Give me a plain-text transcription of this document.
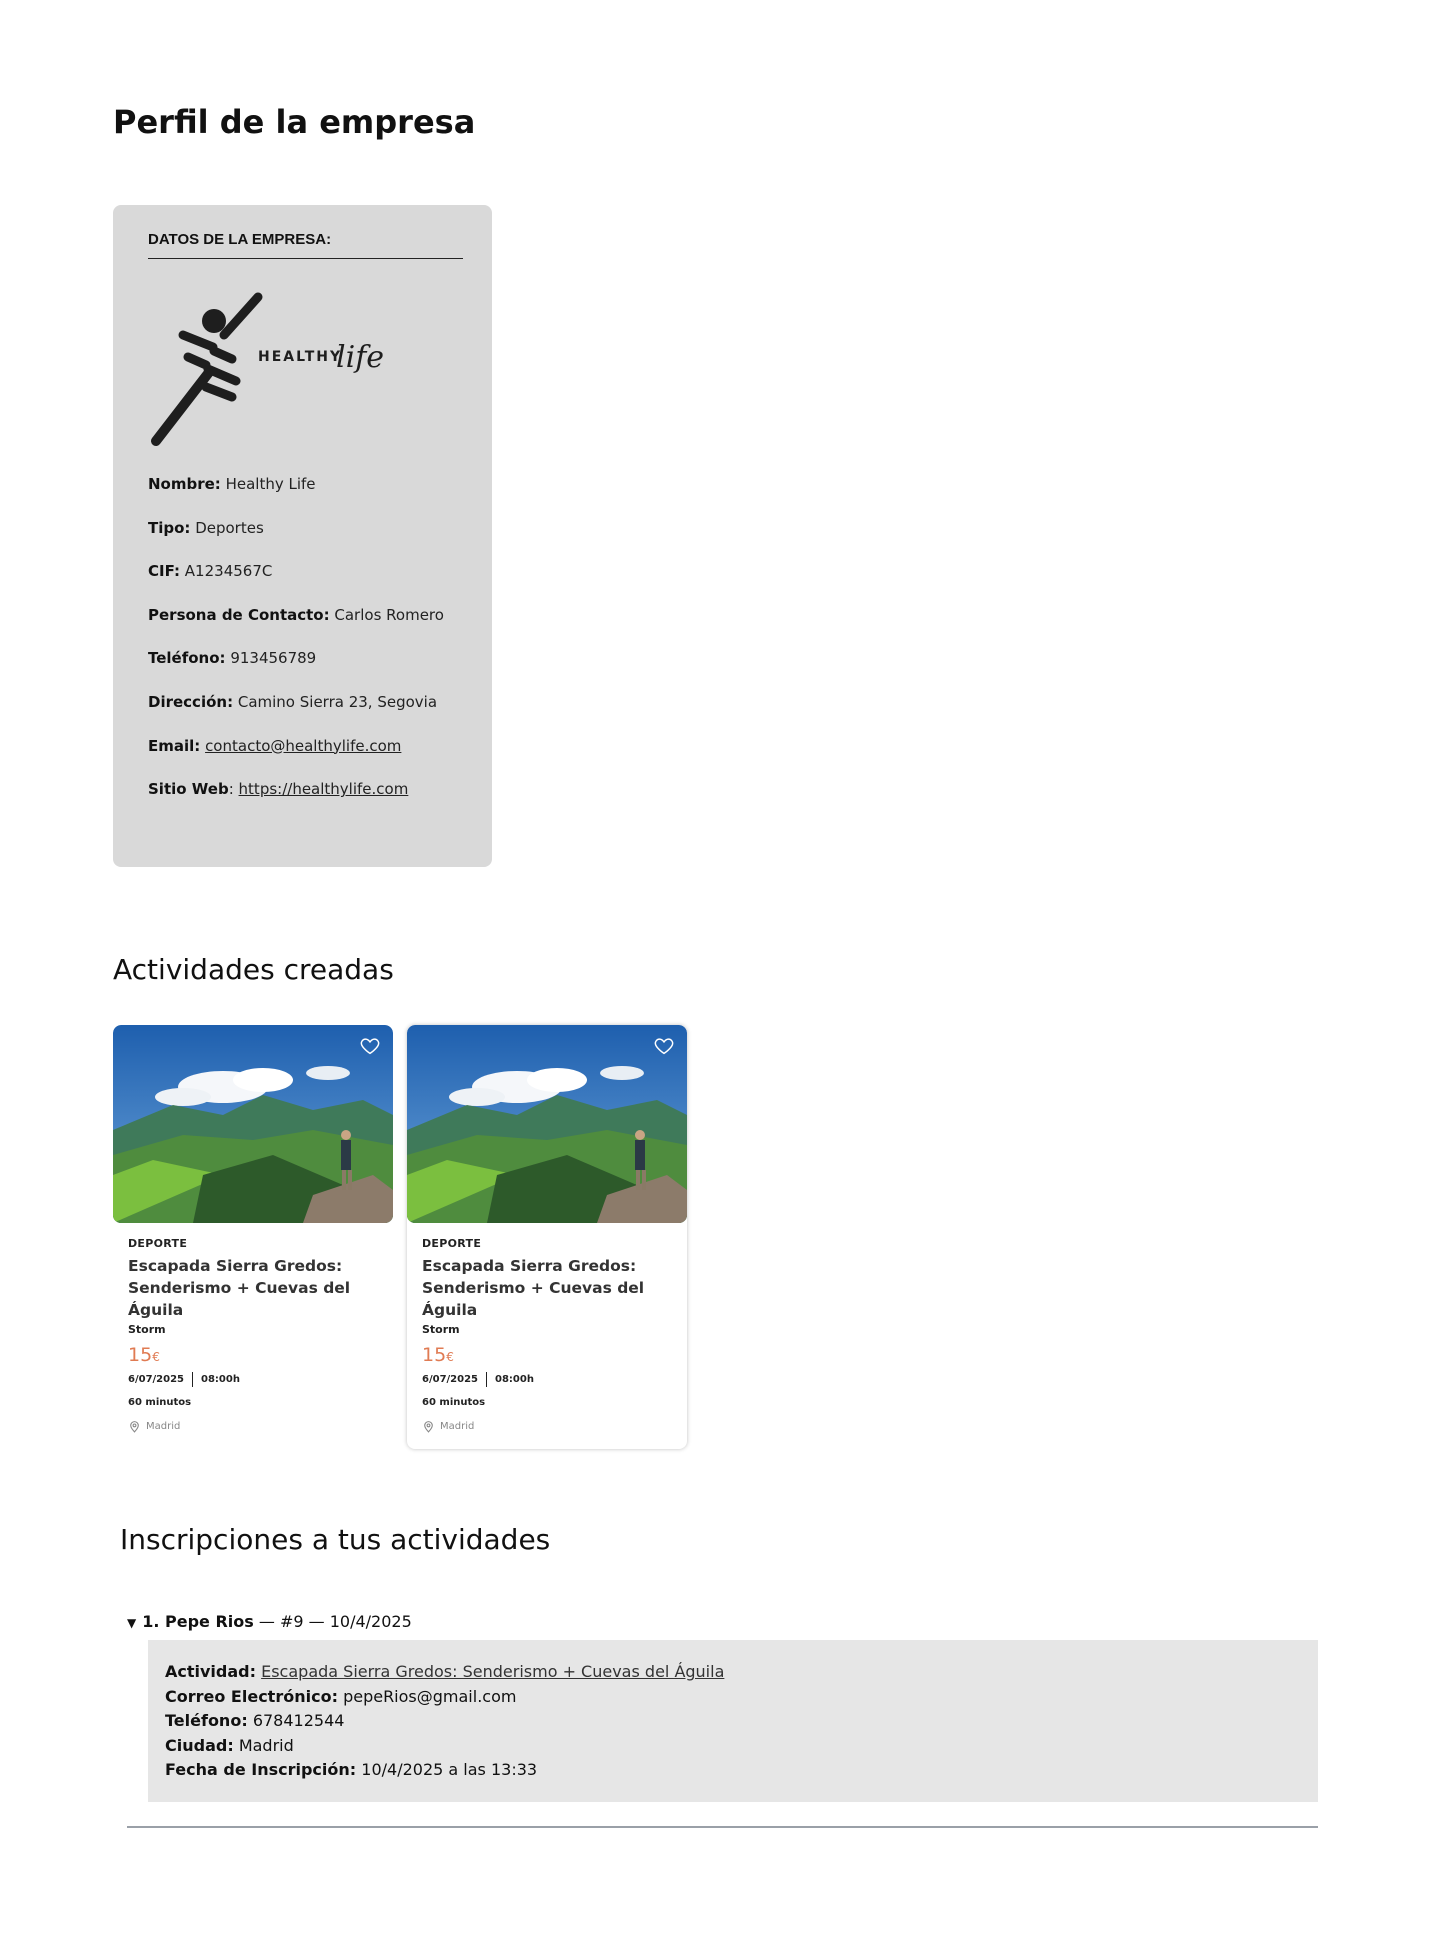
Perfil de la empresa
DATOS DE LA EMPRESA:
HEALTHY
life
Nombre: Healthy Life
Tipo: Deportes
CIF: A1234567C
Persona de Contacto: Carlos Romero
Teléfono: 913456789
Dirección: Camino Sierra 23, Segovia
Email: contacto@healthylife.com
Sitio Web: https://healthylife.com
Actividades creadas
DEPORTE
Escapada Sierra Gredos: Senderismo + Cuevas del Águila
Storm
15€
6/07/2025 08:00h
60 minutos
Madrid
DEPORTE
Escapada Sierra Gredos: Senderismo + Cuevas del Águila
Storm
15€
6/07/2025 08:00h
60 minutos
Madrid
Inscripciones a tus actividades
▼ 1. Pepe Rios — #9 — 10/4/2025
Actividad: Escapada Sierra Gredos: Senderismo + Cuevas del Águila
Correo Electrónico: pepeRios@gmail.com
Teléfono: 678412544
Ciudad: Madrid
Fecha de Inscripción: 10/4/2025 a las 13:33
